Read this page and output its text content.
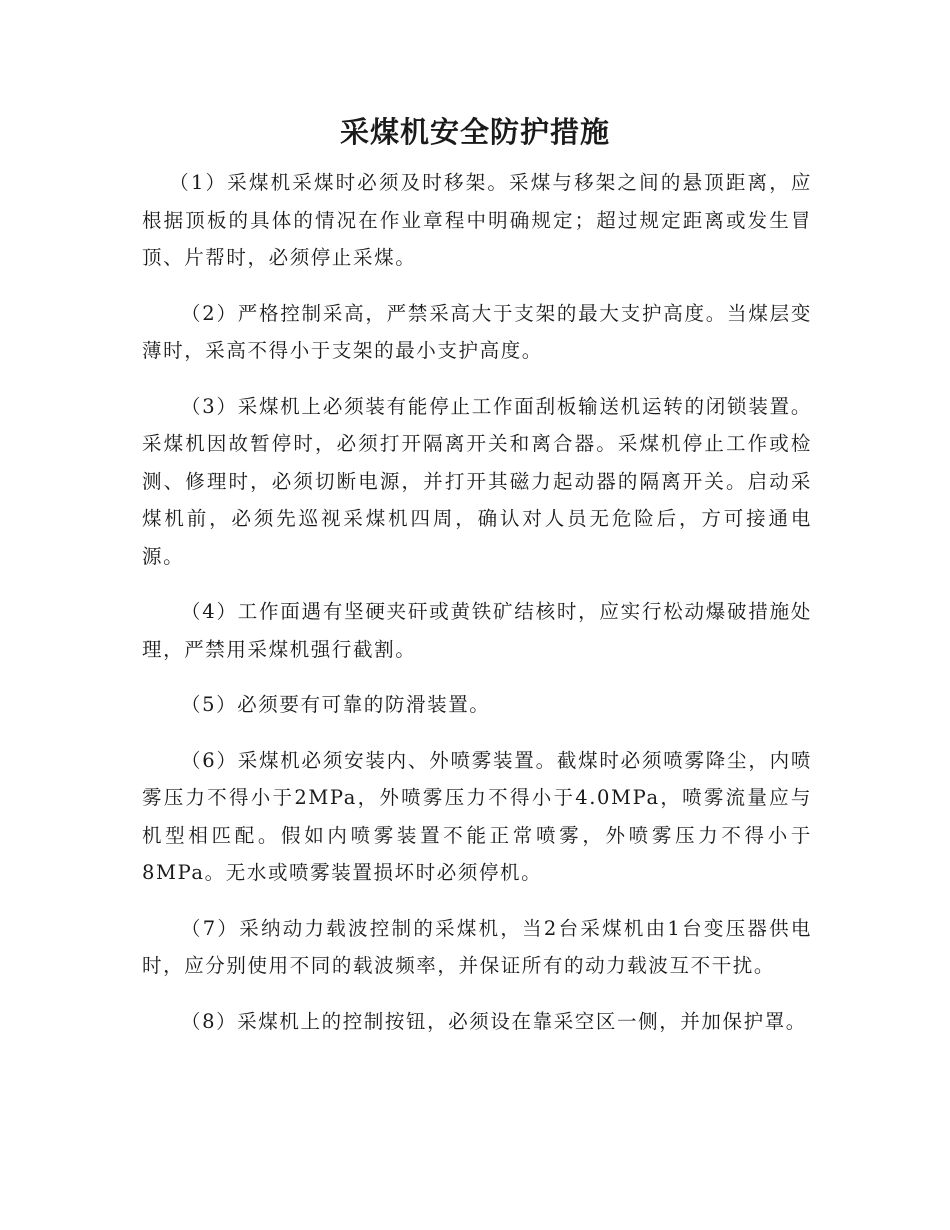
采煤机安全防护措施

（1）采煤机采煤时必须及时移架。采煤与移架之间的悬顶距离，应根据顶板的具体的情况在作业章程中明确规定；超过规定距离或发生冒顶、片帮时，必须停止采煤。

（2）严格控制采高，严禁采高大于支架的最大支护高度。当煤层变薄时，采高不得小于支架的最小支护高度。

（3）采煤机上必须装有能停止工作面刮板输送机运转的闭锁装置。采煤机因故暂停时，必须打开隔离开关和离合器。采煤机停止工作或检测、修理时，必须切断电源，并打开其磁力起动器的隔离开关。启动采煤机前，必须先巡视采煤机四周，确认对人员无危险后，方可接通电源。

（4）工作面遇有坚硬夹矸或黄铁矿结核时，应实行松动爆破措施处理，严禁用采煤机强行截割。

（5）必须要有可靠的防滑装置。

（6）采煤机必须安装内、外喷雾装置。截煤时必须喷雾降尘，内喷雾压力不得小于2MPa，外喷雾压力不得小于4.0MPa，喷雾流量应与机型相匹配。假如内喷雾装置不能正常喷雾，外喷雾压力不得小于8MPa。无水或喷雾装置损坏时必须停机。

（7）采纳动力载波控制的采煤机，当2台采煤机由1台变压器供电时，应分别使用不同的载波频率，并保证所有的动力载波互不干扰。

（8）采煤机上的控制按钮，必须设在靠采空区一侧，并加保护罩。
